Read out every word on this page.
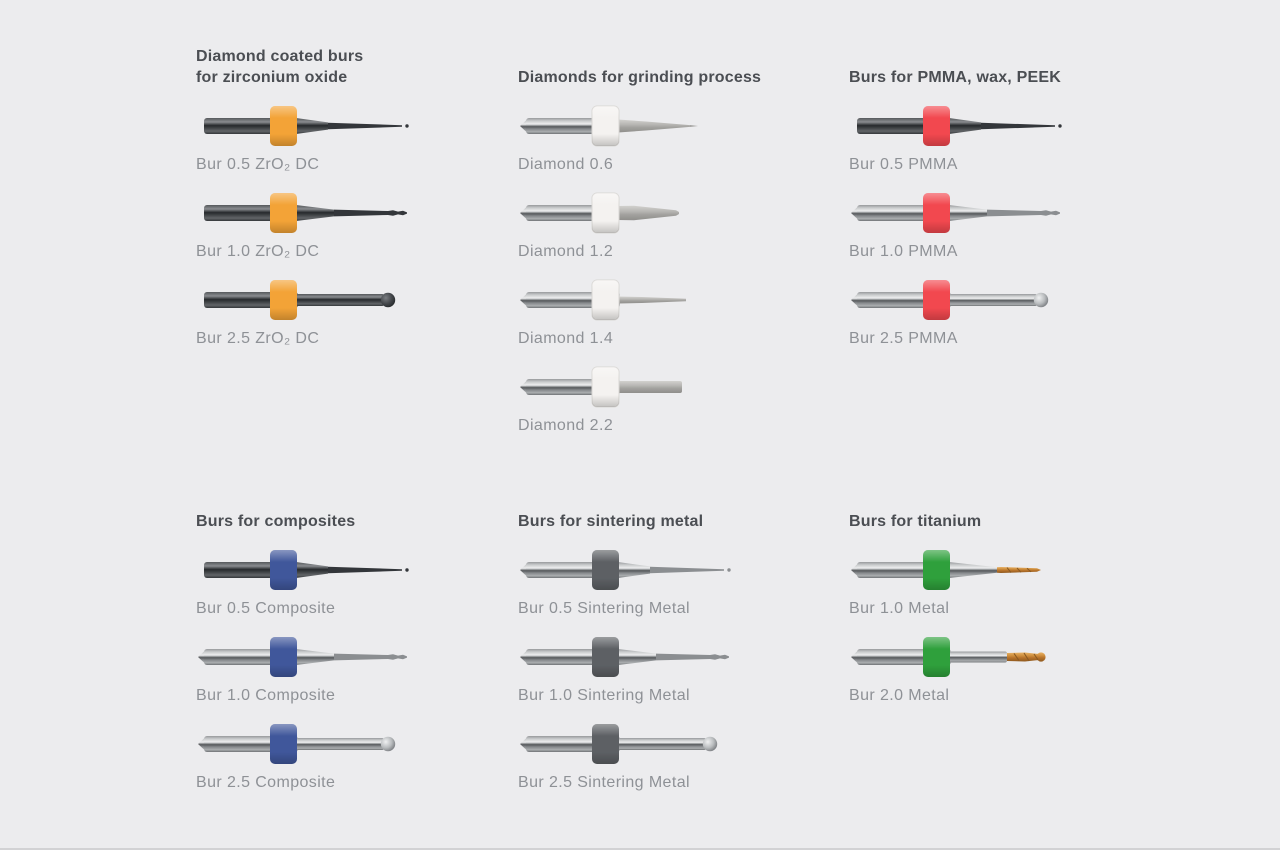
Diamond coated burs
for zirconium oxide
Bur 0.5 ZrO₂ DC
Bur 1.0 ZrO₂ DC
Bur 2.5 ZrO₂ DC
Diamonds for grinding process
Diamond 0.6
Diamond 1.2
Diamond 1.4
Diamond 2.2
Burs for PMMA, wax, PEEK
Bur 0.5 PMMA
Bur 1.0 PMMA
Bur 2.5 PMMA
Burs for composites
Bur 0.5 Composite
Bur 1.0 Composite
Bur 2.5 Composite
Burs for sintering metal
Bur 0.5 Sintering Metal
Bur 1.0 Sintering Metal
Bur 2.5 Sintering Metal
Burs for titanium
Bur 1.0 Metal
Bur 2.0 Metal
